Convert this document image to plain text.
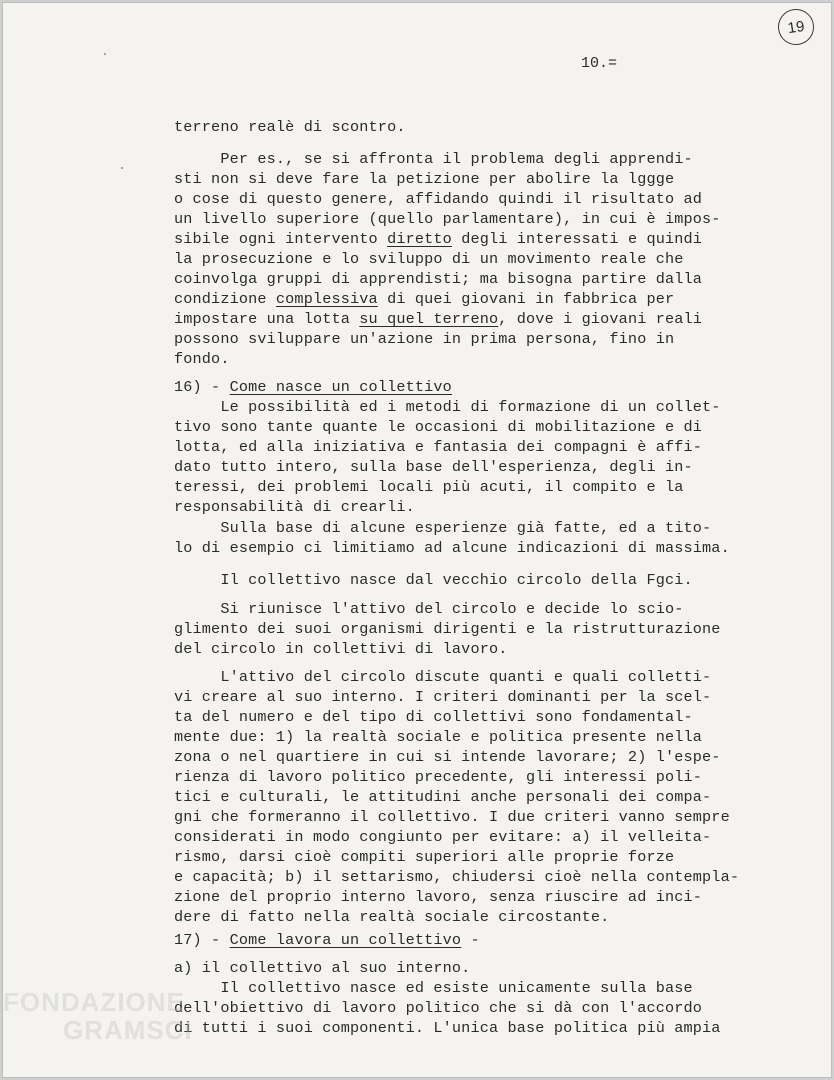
19
10.=
terreno realè di scontro.
Per es., se si affronta il problema degli apprendi-
sti non si deve fare la petizione per abolire la lggge
o cose di questo genere, affidando quindi il risultato ad
un livello superiore (quello parlamentare), in cui è impos-
sibile ogni intervento diretto degli interessati e quindi
la prosecuzione e lo sviluppo di un movimento reale che
coinvolga gruppi di apprendisti; ma bisogna partire dalla
condizione complessiva di quei giovani in fabbrica per
impostare una lotta su quel terreno, dove i giovani reali
possono sviluppare un'azione in prima persona, fino in
fondo.
16) - Come nasce un collettivo
Le possibilità ed i metodi di formazione di un collet-
tivo sono tante quante le occasioni di mobilitazione e di
lotta, ed alla iniziativa e fantasia dei compagni è affi-
dato tutto intero, sulla base dell'esperienza, degli in-
teressi, dei problemi locali più acuti, il compito e la
responsabilità di crearli.
Sulla base di alcune esperienze già fatte, ed a tito-
lo di esempio ci limitiamo ad alcune indicazioni di massima.
Il collettivo nasce dal vecchio circolo della Fgci.
Si riunisce l'attivo del circolo e decide lo scio-
glimento dei suoi organismi dirigenti e la ristrutturazione
del circolo in collettivi di lavoro.
L'attivo del circolo discute quanti e quali colletti-
vi creare al suo interno. I criteri dominanti per la scel-
ta del numero e del tipo di collettivi sono fondamental-
mente due: 1) la realtà sociale e politica presente nella
zona o nel quartiere in cui si intende lavorare; 2) l'espe-
rienza di lavoro politico precedente, gli interessi poli-
tici e culturali, le attitudini anche personali dei compa-
gni che formeranno il collettivo. I due criteri vanno sempre
considerati in modo congiunto per evitare: a) il velleita-
rismo, darsi cioè compiti superiori alle proprie forze
e capacità; b) il settarismo, chiudersi cioè nella contempla-
zione del proprio interno lavoro, senza riuscire ad inci-
dere di fatto nella realtà sociale circostante.
17) - Come lavora un collettivo -
a) il collettivo al suo interno.
Il collettivo nasce ed esiste unicamente sulla base
dell'obiettivo di lavoro politico che si dà con l'accordo
di tutti i suoi componenti. L'unica base politica più ampia
FONDAZIONE
GRAMSCI
